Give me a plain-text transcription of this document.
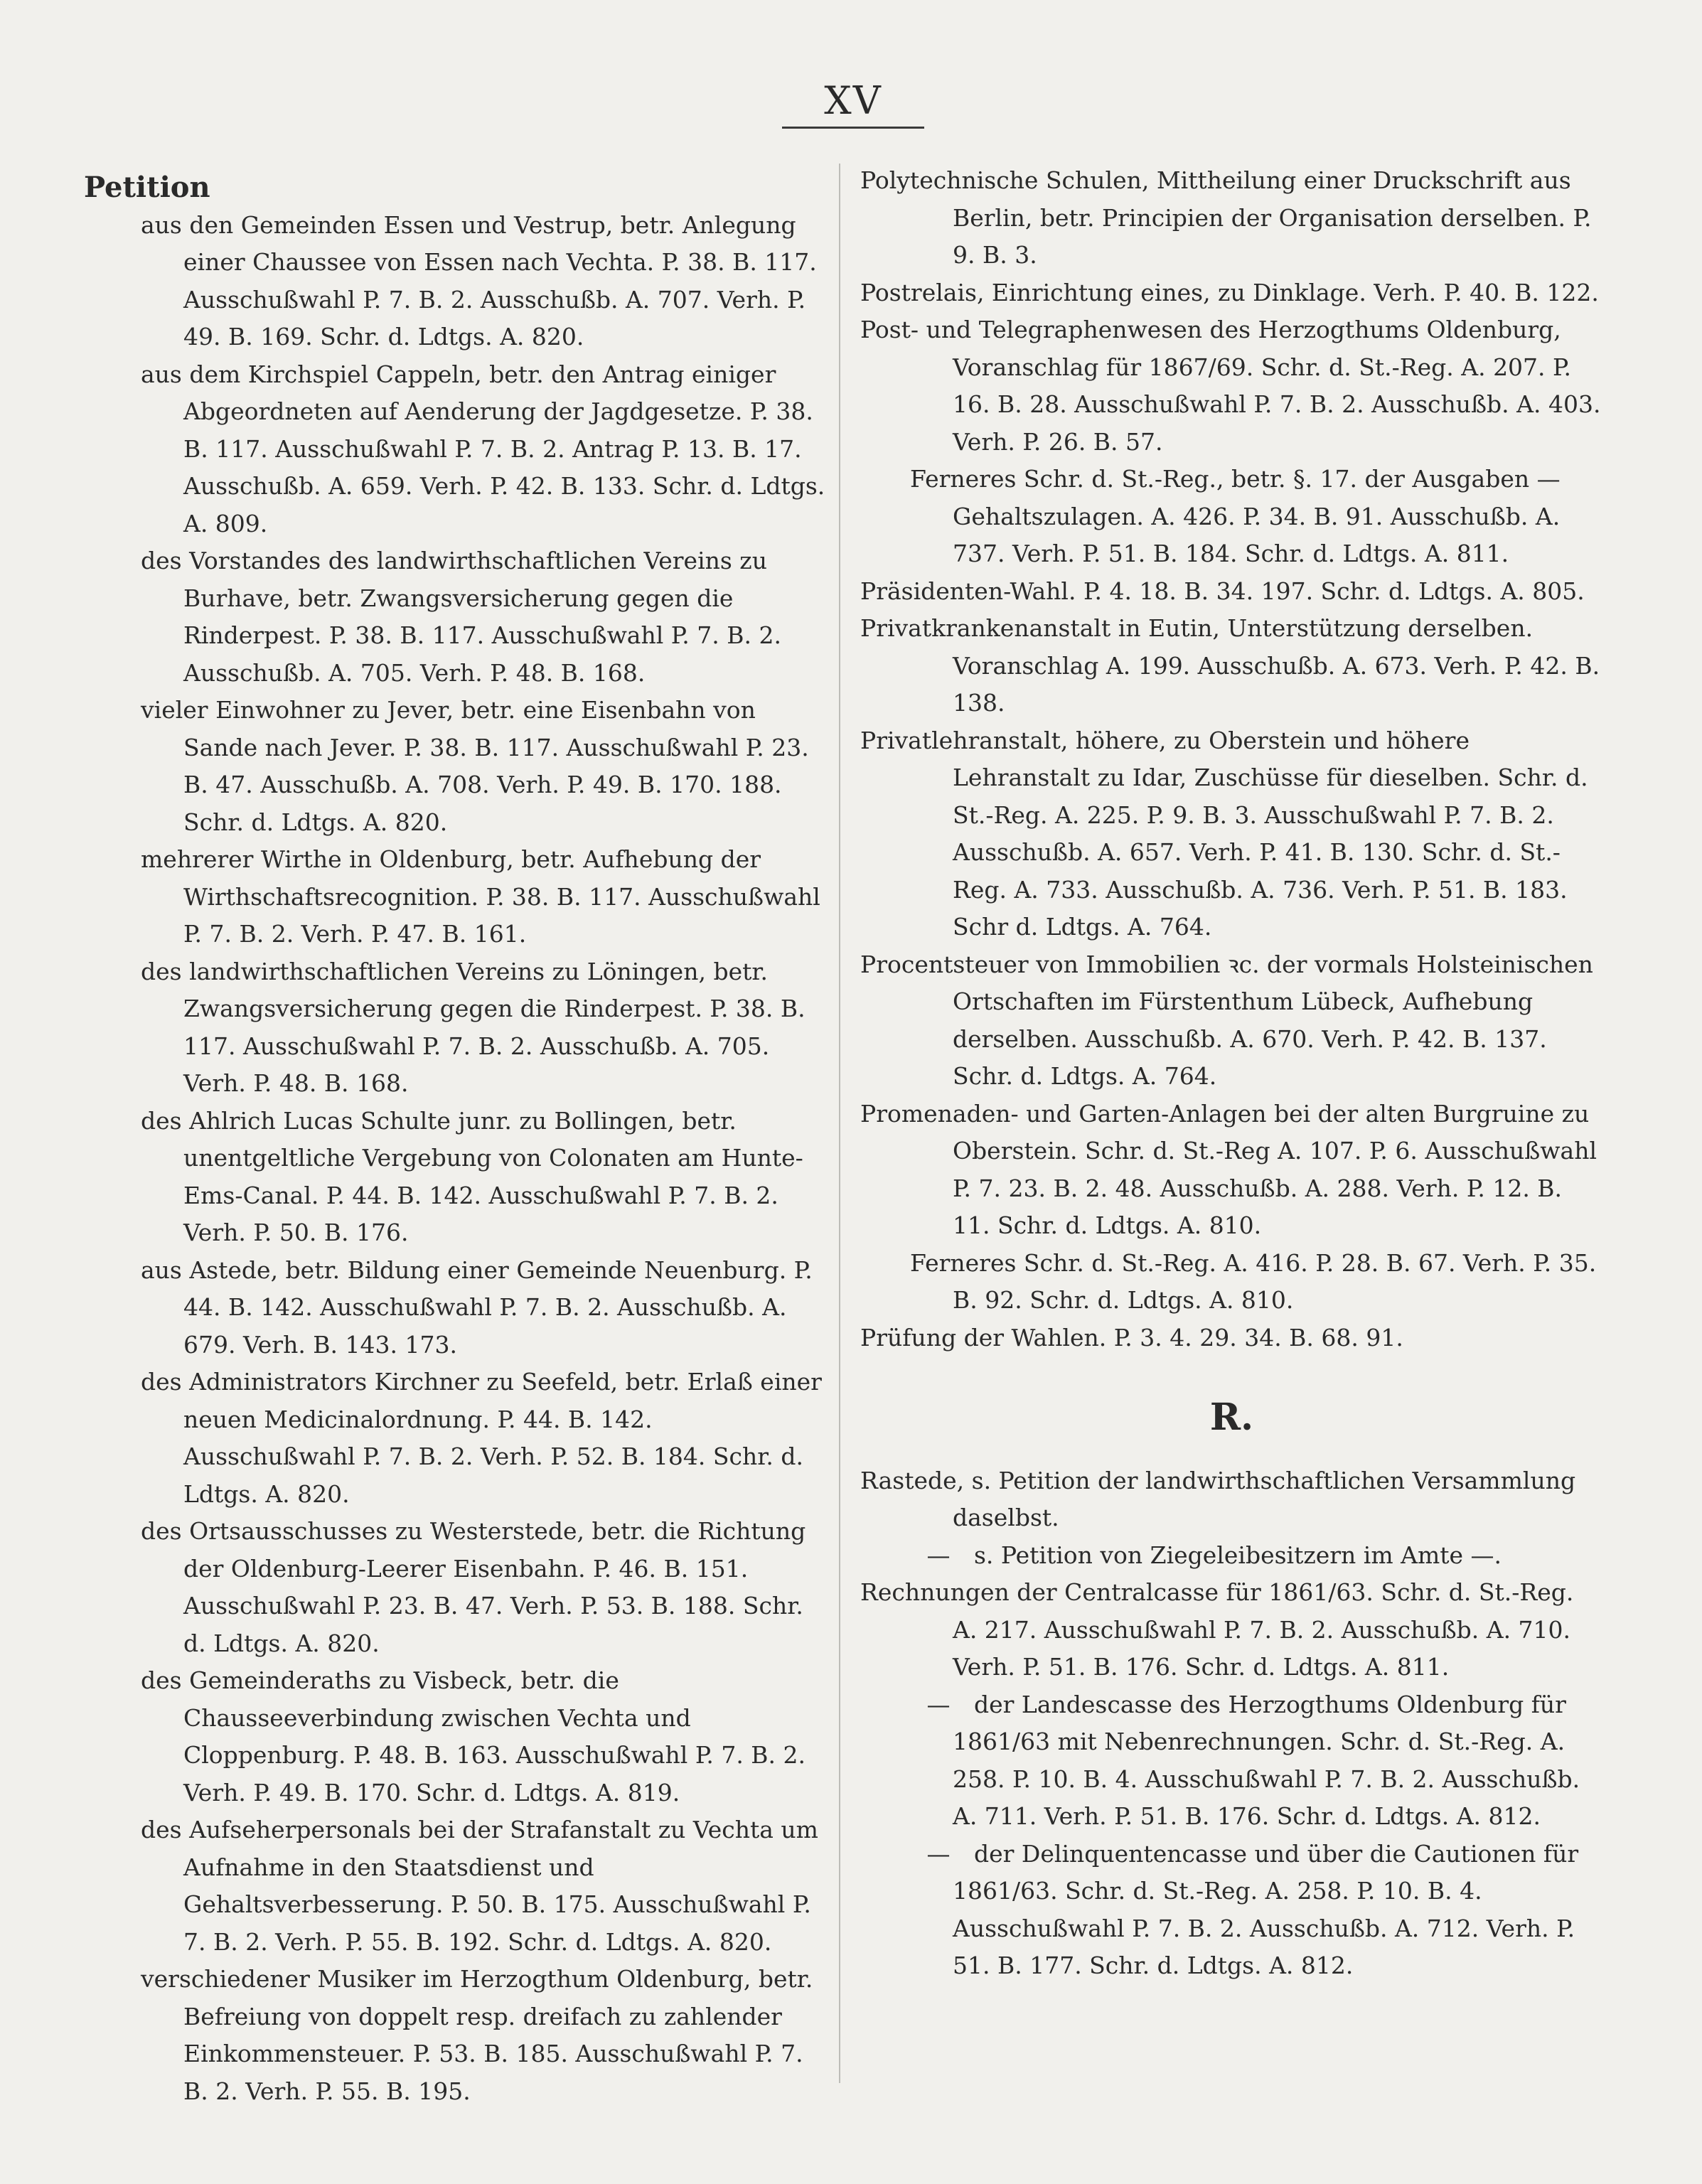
XV

Petition

aus den Gemeinden Essen und Vestrup, betr. Anlegung einer Chaussee von Essen nach Vechta. P. 38. B. 117. Ausschußwahl P. 7. B. 2. Ausschußb. A. 707. Verh. P. 49. B. 169. Schr. d. Ldtgs. A. 820.

aus dem Kirchspiel Cappeln, betr. den Antrag einiger Abgeordneten auf Aenderung der Jagdgesetze. P. 38. B. 117. Ausschußwahl P. 7. B. 2. Antrag P. 13. B. 17. Ausschußb. A. 659. Verh. P. 42. B. 133. Schr. d. Ldtgs. A. 809.

des Vorstandes des landwirthschaftlichen Vereins zu Burhave, betr. Zwangsversicherung gegen die Rinderpest. P. 38. B. 117. Ausschußwahl P. 7. B. 2. Ausschußb. A. 705. Verh. P. 48. B. 168.

vieler Einwohner zu Jever, betr. eine Eisenbahn von Sande nach Jever. P. 38. B. 117. Ausschußwahl P. 23. B. 47. Ausschußb. A. 708. Verh. P. 49. B. 170. 188. Schr. d. Ldtgs. A. 820.

mehrerer Wirthe in Oldenburg, betr. Aufhebung der Wirthschaftsrecognition. P. 38. B. 117. Ausschußwahl P. 7. B. 2. Verh. P. 47. B. 161.

des landwirthschaftlichen Vereins zu Löningen, betr. Zwangsversicherung gegen die Rinderpest. P. 38. B. 117. Ausschußwahl P. 7. B. 2. Ausschußb. A. 705. Verh. P. 48. B. 168.

des Ahlrich Lucas Schulte junr. zu Bollingen, betr. unentgeltliche Vergebung von Colonaten am Hunte-Ems-Canal. P. 44. B. 142. Ausschußwahl P. 7. B. 2. Verh. P. 50. B. 176.

aus Astede, betr. Bildung einer Gemeinde Neuenburg. P. 44. B. 142. Ausschußwahl P. 7. B. 2. Ausschußb. A. 679. Verh. B. 143. 173.

des Administrators Kirchner zu Seefeld, betr. Erlaß einer neuen Medicinalordnung. P. 44. B. 142. Ausschußwahl P. 7. B. 2. Verh. P. 52. B. 184. Schr. d. Ldtgs. A. 820.

des Ortsausschusses zu Westerstede, betr. die Richtung der Oldenburg-Leerer Eisenbahn. P. 46. B. 151. Ausschußwahl P. 23. B. 47. Verh. P. 53. B. 188. Schr. d. Ldtgs. A. 820.

des Gemeinderaths zu Visbeck, betr. die Chausseeverbindung zwischen Vechta und Cloppenburg. P. 48. B. 163. Ausschußwahl P. 7. B. 2. Verh. P. 49. B. 170. Schr. d. Ldtgs. A. 819.

des Aufseherpersonals bei der Strafanstalt zu Vechta um Aufnahme in den Staatsdienst und Gehaltsverbesserung. P. 50. B. 175. Ausschußwahl P. 7. B. 2. Verh. P. 55. B. 192. Schr. d. Ldtgs. A. 820.

verschiedener Musiker im Herzogthum Oldenburg, betr. Befreiung von doppelt resp. dreifach zu zahlender Einkommensteuer. P. 53. B. 185. Ausschußwahl P. 7. B. 2. Verh. P. 55. B. 195.

Polytechnische Schulen, Mittheilung einer Druckschrift aus Berlin, betr. Principien der Organisation derselben. P. 9. B. 3.

Postrelais, Einrichtung eines, zu Dinklage. Verh. P. 40. B. 122.

Post- und Telegraphenwesen des Herzogthums Oldenburg, Voranschlag für 1867/69. Schr. d. St.-Reg. A. 207. P. 16. B. 28. Ausschußwahl P. 7. B. 2. Ausschußb. A. 403. Verh. P. 26. B. 57.

Ferneres Schr. d. St.-Reg., betr. §. 17. der Ausgaben — Gehaltszulagen. A. 426. P. 34. B. 91. Ausschußb. A. 737. Verh. P. 51. B. 184. Schr. d. Ldtgs. A. 811.

Präsidenten-Wahl. P. 4. 18. B. 34. 197. Schr. d. Ldtgs. A. 805.

Privatkrankenanstalt in Eutin, Unterstützung derselben. Voranschlag A. 199. Ausschußb. A. 673. Verh. P. 42. B. 138.

Privatlehranstalt, höhere, zu Oberstein und höhere Lehranstalt zu Idar, Zuschüsse für dieselben. Schr. d. St.-Reg. A. 225. P. 9. B. 3. Ausschußwahl P. 7. B. 2. Ausschußb. A. 657. Verh. P. 41. B. 130. Schr. d. St.-Reg. A. 733. Ausschußb. A. 736. Verh. P. 51. B. 183. Schr d. Ldtgs. A. 764.

Procentsteuer von Immobilien ꝛc. der vormals Holsteinischen Ortschaften im Fürstenthum Lübeck, Aufhebung derselben. Ausschußb. A. 670. Verh. P. 42. B. 137. Schr. d. Ldtgs. A. 764.

Promenaden- und Garten-Anlagen bei der alten Burgruine zu Oberstein. Schr. d. St.-Reg A. 107. P. 6. Ausschußwahl P. 7. 23. B. 2. 48. Ausschußb. A. 288. Verh. P. 12. B. 11. Schr. d. Ldtgs. A. 810.

Ferneres Schr. d. St.-Reg. A. 416. P. 28. B. 67. Verh. P. 35. B. 92. Schr. d. Ldtgs. A. 810.

Prüfung der Wahlen. P. 3. 4. 29. 34. B. 68. 91.

R.

Rastede, s. Petition der landwirthschaftlichen Versammlung daselbst.

— s. Petition von Ziegeleibesitzern im Amte —.

Rechnungen der Centralcasse für 1861/63. Schr. d. St.-Reg. A. 217. Ausschußwahl P. 7. B. 2. Ausschußb. A. 710. Verh. P. 51. B. 176. Schr. d. Ldtgs. A. 811.

— der Landescasse des Herzogthums Oldenburg für 1861/63 mit Nebenrechnungen. Schr. d. St.-Reg. A. 258. P. 10. B. 4. Ausschußwahl P. 7. B. 2. Ausschußb. A. 711. Verh. P. 51. B. 176. Schr. d. Ldtgs. A. 812.

— der Delinquentencasse und über die Cautionen für 1861/63. Schr. d. St.-Reg. A. 258. P. 10. B. 4. Ausschußwahl P. 7. B. 2. Ausschußb. A. 712. Verh. P. 51. B. 177. Schr. d. Ldtgs. A. 812.
